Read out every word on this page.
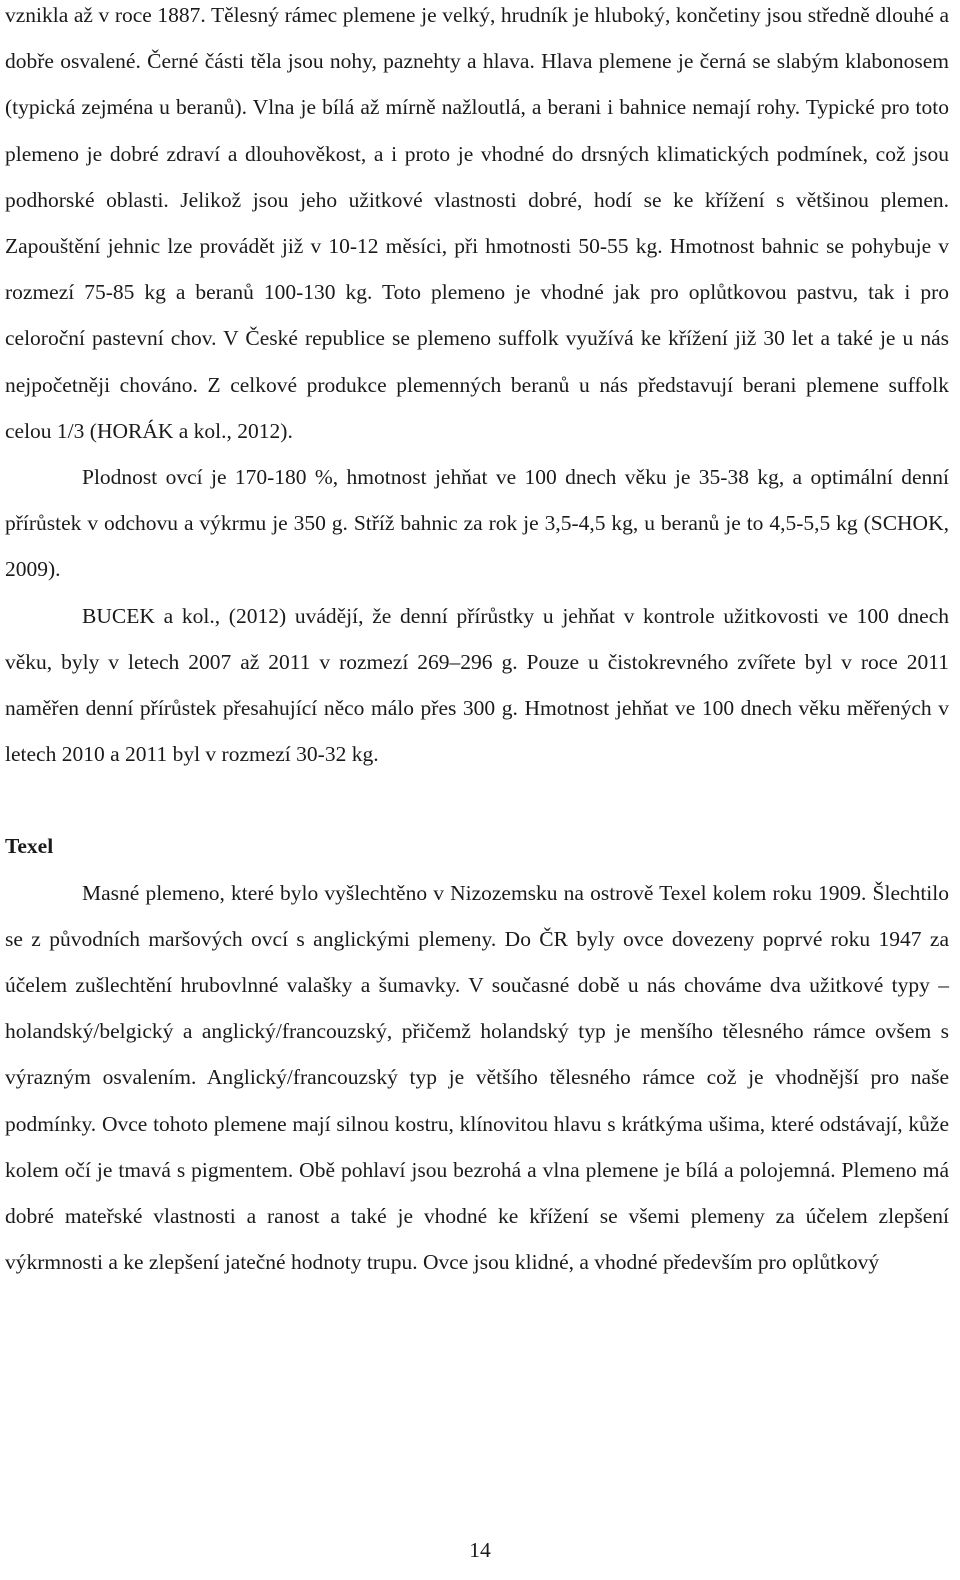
vznikla až v roce 1887. Tělesný rámec plemene je velký, hrudník je hluboký, končetiny jsou středně dlouhé a dobře osvalené. Černé části těla jsou nohy, paznehty a hlava. Hlava plemene je černá se slabým klabonosem (typická zejména u beranů). Vlna je bílá až mírně nažloutlá, a berani i bahnice nemají rohy. Typické pro toto plemeno je dobré zdraví a dlouhověkost, a i proto je vhodné do drsných klimatických podmínek, což jsou podhorské oblasti. Jelikož jsou jeho užitkové vlastnosti dobré, hodí se ke křížení s většinou plemen. Zapouštění jehnic lze provádět již v 10-12 měsíci, při hmotnosti 50-55 kg. Hmotnost bahnic se pohybuje v rozmezí 75-85 kg a beranů 100-130 kg. Toto plemeno je vhodné jak pro oplůtkovou pastvu, tak i pro celoroční pastevní chov. V České republice se plemeno suffolk využívá ke křížení již 30 let a také je u nás nejpočetněji chováno. Z celkové produkce plemenných beranů u nás představují berani plemene suffolk celou 1/3 (HORÁK a kol., 2012).

Plodnost ovcí je 170-180 %, hmotnost jehňat ve 100 dnech věku je 35-38 kg, a optimální denní přírůstek v odchovu a výkrmu je 350 g. Stříž bahnic za rok je 3,5-4,5 kg, u beranů je to 4,5-5,5 kg (SCHOK, 2009).

BUCEK a kol., (2012) uvádějí, že denní přírůstky u jehňat v kontrole užitkovosti ve 100 dnech věku, byly v letech 2007 až 2011 v rozmezí 269–296 g. Pouze u čistokrevného zvířete byl v roce 2011 naměřen denní přírůstek přesahující něco málo přes 300 g. Hmotnost jehňat ve 100 dnech věku měřených v letech 2010 a 2011 byl v rozmezí 30-32 kg.

Texel

Masné plemeno, které bylo vyšlechtěno v Nizozemsku na ostrově Texel kolem roku 1909. Šlechtilo se z původních maršových ovcí s anglickými plemeny. Do ČR byly ovce dovezeny poprvé roku 1947 za účelem zušlechtění hrubovlnné valašky a šumavky. V současné době u nás chováme dva užitkové typy – holandský/belgický a anglický/francouzský, přičemž holandský typ je menšího tělesného rámce ovšem s výrazným osvalením. Anglický/francouzský typ je většího tělesného rámce což je vhodnější pro naše podmínky. Ovce tohoto plemene mají silnou kostru, klínovitou hlavu s krátkýma ušima, které odstávají, kůže kolem očí je tmavá s pigmentem. Obě pohlaví jsou bezrohá a vlna plemene je bílá a polojemná. Plemeno má dobré mateřské vlastnosti a ranost a také je vhodné ke křížení se všemi plemeny za účelem zlepšení výkrmnosti a ke zlepšení jatečné hodnoty trupu. Ovce jsou klidné, a vhodné především pro oplůtkový

14
